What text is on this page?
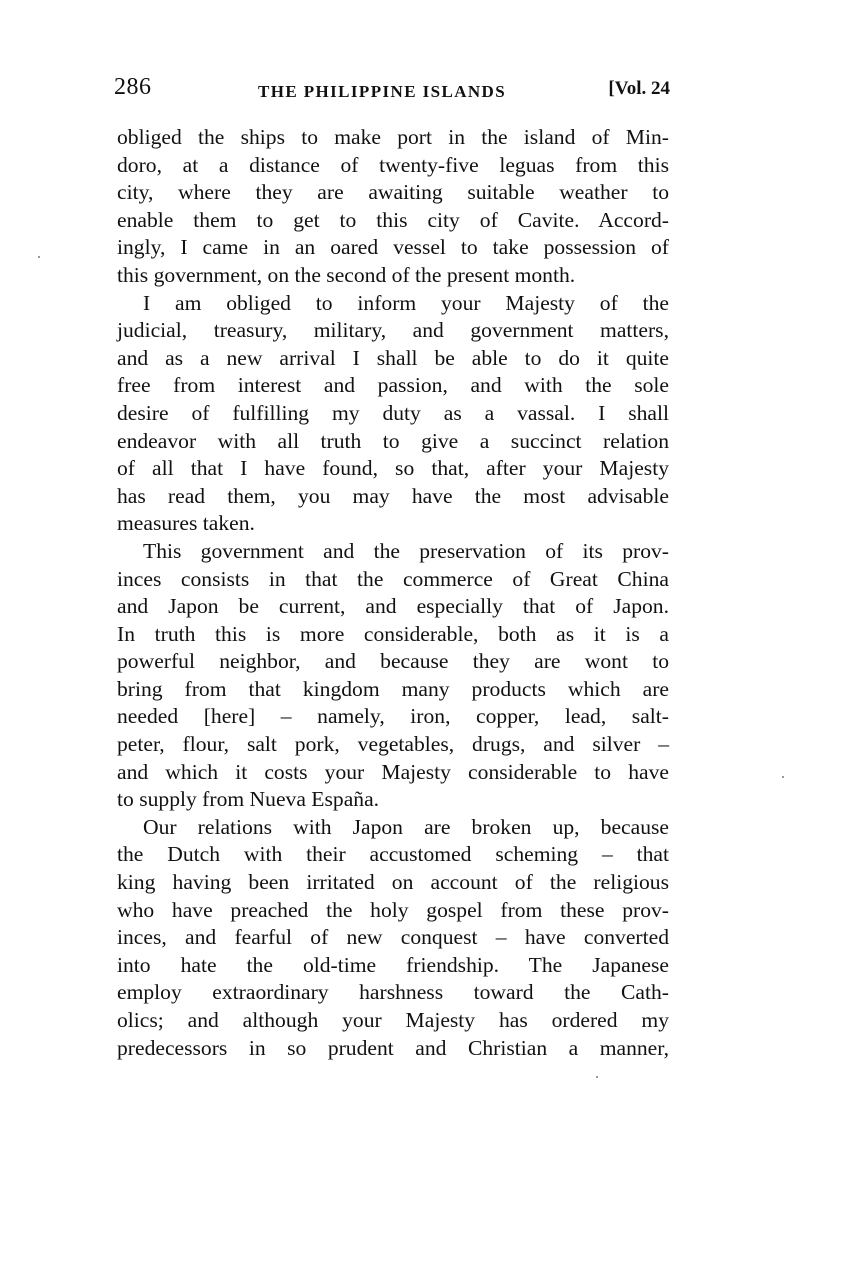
286	THE PHILIPPINE ISLANDS	[Vol. 24
obliged the ships to make port in the island of Min-
doro, at a distance of twenty-five leguas from this
city, where they are awaiting suitable weather to
enable them to get to this city of Cavite. Accord-
ingly, I came in an oared vessel to take possession of
this government, on the second of the present month.
I am obliged to inform your Majesty of the
judicial, treasury, military, and government matters,
and as a new arrival I shall be able to do it quite
free from interest and passion, and with the sole
desire of fulfilling my duty as a vassal. I shall
endeavor with all truth to give a succinct relation
of all that I have found, so that, after your Majesty
has read them, you may have the most advisable
measures taken.
This government and the preservation of its prov-
inces consists in that the commerce of Great China
and Japon be current, and especially that of Japon.
In truth this is more considerable, both as it is a
powerful neighbor, and because they are wont to
bring from that kingdom many products which are
needed [here] – namely, iron, copper, lead, salt-
peter, flour, salt pork, vegetables, drugs, and silver –
and which it costs your Majesty considerable to have
to supply from Nueva España.
Our relations with Japon are broken up, because
the Dutch with their accustomed scheming – that
king having been irritated on account of the religious
who have preached the holy gospel from these prov-
inces, and fearful of new conquest – have converted
into hate the old-time friendship. The Japanese
employ extraordinary harshness toward the Cath-
olics; and although your Majesty has ordered my
predecessors in so prudent and Christian a manner,
